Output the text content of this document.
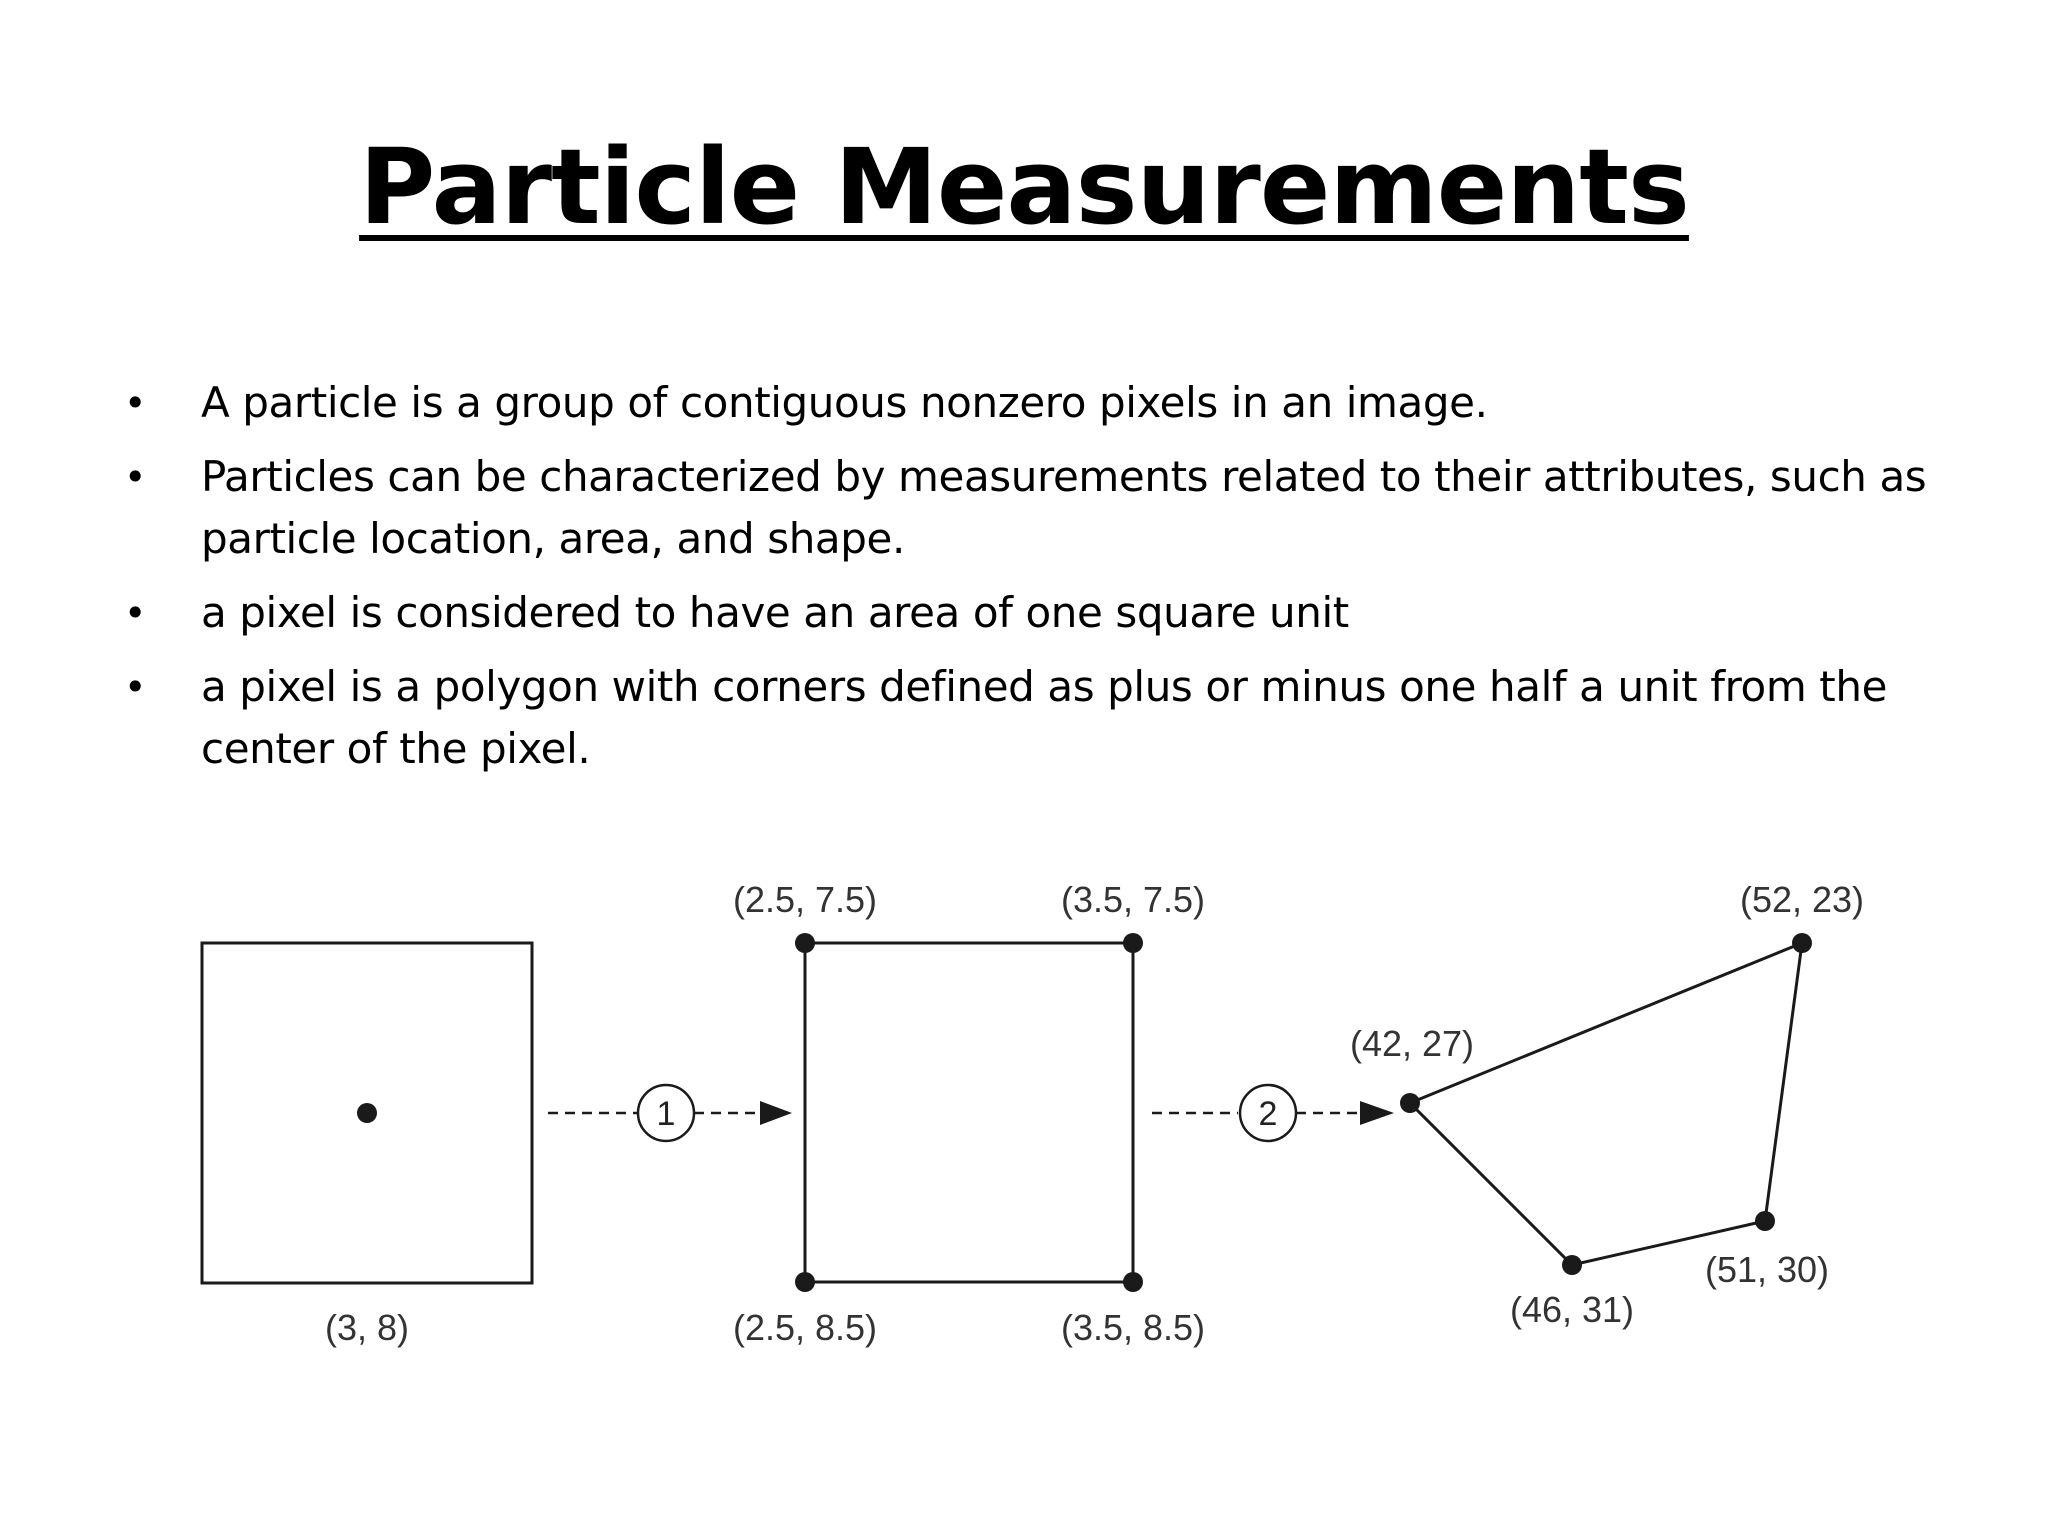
Particle Measurements
• A particle is a group of contiguous nonzero pixels in an image.
• Particles can be characterized by measurements related to their attributes, such as particle location, area, and shape.
• a pixel is considered to have an area of one square unit
• a pixel is a polygon with corners defined as plus or minus one half a unit from the center of the pixel.
(3, 8)
1
(2.5, 7.5)	(3.5, 7.5)
(2.5, 8.5)	(3.5, 8.5)
2
(42, 27)
(52, 23)
(51, 30)
(46, 31)
